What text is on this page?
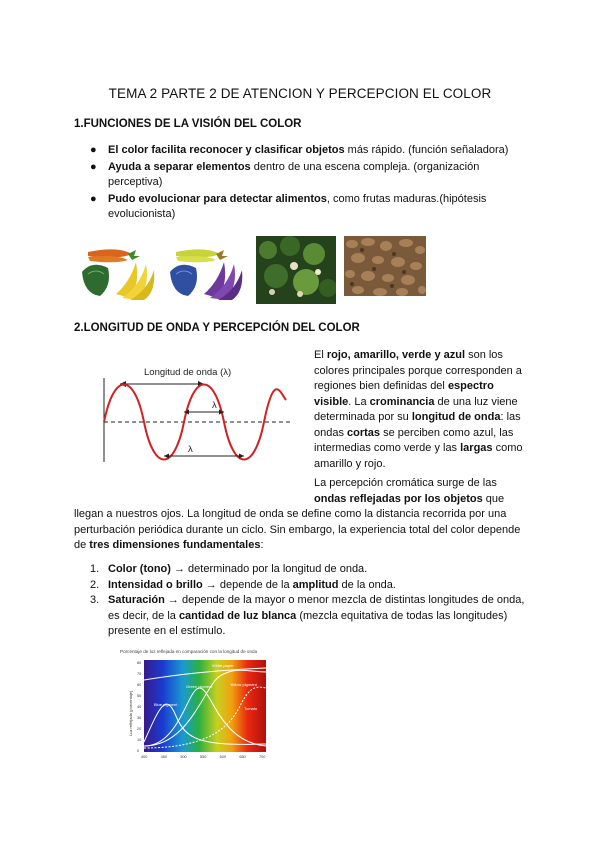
TEMA 2 PARTE 2 DE ATENCION Y PERCEPCION EL COLOR
1.FUNCIONES DE LA VISIÓN DEL COLOR
● El color facilita reconocer y clasificar objetos más rápido. (función señaladora)
● Ayuda a separar elementos dentro de una escena compleja. (organización perceptiva)
● Pudo evolucionar para detectar alimentos, como frutas maduras.(hipótesis evolucionista)
2.LONGITUD DE ONDA Y PERCEPCIÓN DEL COLOR
Longitud de onda (λ)
λ
λ

El rojo, amarillo, verde y azul son los colores principales porque corresponden a regiones bien definidas del espectro visible. La crominancia de una luz viene determinada por su longitud de onda: las ondas cortas se perciben como azul, las intermedias como verde y las largas como amarillo y rojo.

La percepción cromática surge de las
ondas reflejadas por los objetos que

llegan a nuestros ojos. La longitud de onda se define como la distancia recorrida por una
perturbación periódica durante un ciclo. Sin embargo, la experiencia total del color depende
de tres dimensiones fundamentales:

1. Color (tono) → determinado por la longitud de onda.
2. Intensidad o brillo → depende de la amplitud de la onda.
3. Saturación → depende de la mayor o menor mezcla de distintas longitudes de onda, es decir, de la cantidad de luz blanca (mezcla equitativa de todas las longitudes) presente en el estímulo.
Porcentaje de luz reflejada en comparación con la longitud de onda
80
70
60
50
40
30
20
10
0
400	450	500	550	600	650	700
Luz reflejada (porcentaje)	Blue pigment
Green pigment	Yellow pigment
White paper
Tomato
